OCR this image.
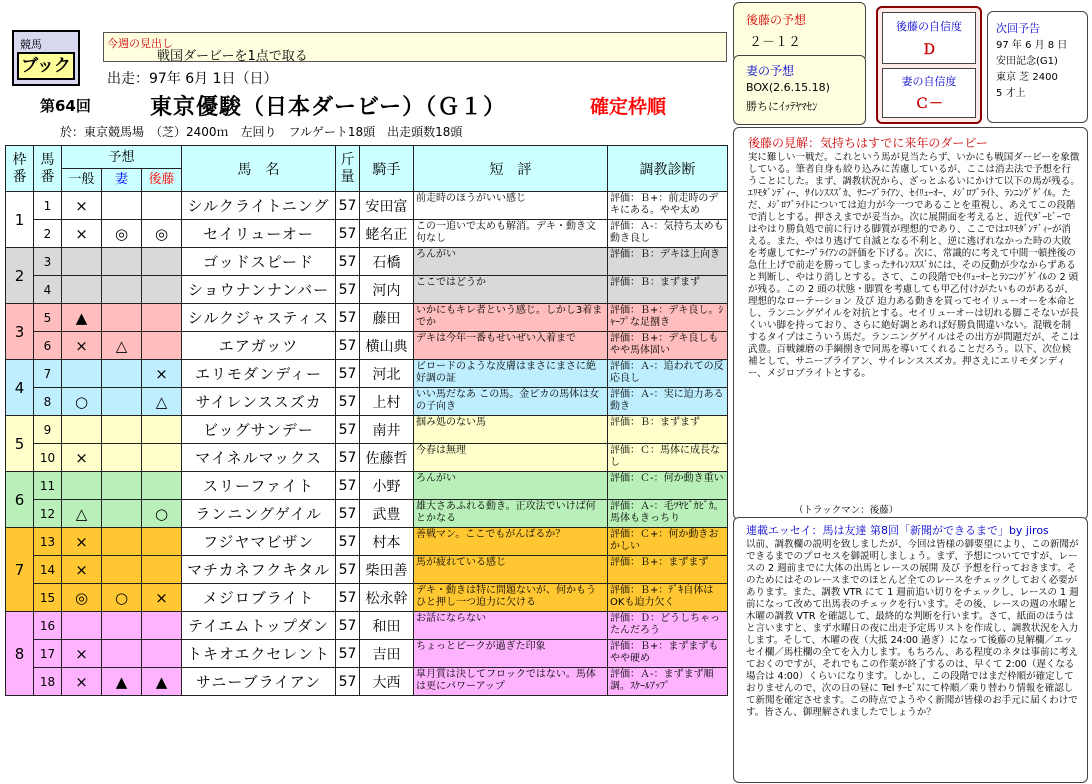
競馬
ブック
今週の見出し
戦国ダービーを1点で取る
出走：97年 6月 1日（日）
第64回	東京優駿（日本ダービー）（Ｇ１）	確定枠順
於：東京競馬場　（芝）2400ｍ　左回り　フルゲート18頭　出走頭数18頭
枠番	馬番	予想
一般 妻 後藤			馬　名	斤量	騎手	短　評	調教診断
1	1	×			シルクライトニング	57	安田富	前走時のほうがいい感じ	評価：Ｂ+：前走時のデキにある。やや太め
	2	×	◎	◎	セイリューオー	57	蛯名正	この一追いで太めも解消。デキ・動き文句なし	評価：Ａ-：気持ち太めも動き良し
2	3				ゴッドスピード	57	石橋	ろんがい	評価：Ｂ：デキは上向き
	4				ショウナンナンバー	57	河内	ここではどうか	評価：Ｂ：まずまず
3	5	▲			シルクジャスティス	57	藤田	いかにもキレ者という感じ。しかし3着までか	評価：Ｂ+：デキ良し。ｼｬｰﾌﾟな足捌き
	6	×	△		エアガッツ	57	横山典	デキは今年一番もせいぜい入着まで	評価：Ｂ+：デキ良しもやや馬体固い
4	7			×	エリモダンディー	57	河北	ビロードのような皮膚はまさにまさに絶好調の証	評価：Ａ-：追われての反応良し
	8	○		△	サイレンススズカ	57	上村	いい馬だなあ この馬。金ピカの馬体は女の子向き	評価：Ａ-：実に迫力ある動き
5	9				ビッグサンデー	57	南井	掴み処のない馬	評価：Ｂ：まずまず
	10	×			マイネルマックス	57	佐藤哲	今春は無理	評価：Ｃ：馬体に成長なし
6	11				スリーファイト	57	小野	ろんがい	評価：Ｃ-：何か動き重い
	12	△		○	ランニングゲイル	57	武豊	雄大さあふれる動き。正攻法でいけば何とかなる	評価：Ａ-：毛ﾂﾔﾋﾞｶﾋﾞｶ。馬体もきっちり
7	13	×			フジヤマビザン	57	村本	善戦マン。ここでもがんばるか？	評価：Ｃ+：何か動きおかしい
	14	×			マチカネフクキタル	57	柴田善	馬が疲れている感じ	評価：Ｂ+：まずまず
	15	◎	○	×	メジロブライト	57	松永幹	デキ・動きは特に問題ないが、何かもうひと押し一つ迫力に欠ける	評価：Ｂ+：ﾃﾞｷ自体はOKも迫力欠く
8	16				テイエムトップダン	57	和田	お話にならない	評価：Ｄ：どうしちゃったんだろう
	17	×			トキオエクセレント	57	吉田	ちょっとピークが過ぎた印象	評価：Ｂ+：まずまずもやや硬め
	18	×	▲	▲	サニーブライアン	57	大西	皐月賞は決してフロックではない。馬体は更にパワーアップ	評価：Ａ-：まずまず順調。ｽｹｰﾙｱｯﾌﾟ
後藤の予想
２－１２
妻の予想
BOX(2.6.15.18)
勝ちにｲｯﾃﾔﾏｾﾝ
後藤の自信度
Ｄ
妻の自信度
Ｃ－
次回予告
97 年 6 月 8 日
安田記念(G1)
東京 芝 2400
5 才上
後藤の見解：気持ちはすでに来年のダービー
実に難しい一戦だ。これという馬が見当たらず、いかにも戦国ダービーを象徴している。筆者自身も絞り込みに苦慮しているが、ここは消去法で予想を行うことにした。まず、調教状況から、ざっとふるいにかけて以下の馬が残る。ｴﾘﾓﾀﾞﾝﾃﾞｨｰ、ｻｲﾚﾝｽｽｽﾞｶ、ｻﾆｰﾌﾞﾗｲｱﾝ、ｾｲﾘｭｰｵｰ、ﾒｼﾞﾛﾌﾞﾗｲﾄ、ﾗﾝﾆﾝｸﾞｹﾞｲﾙ。ただ、ﾒｼﾞﾛﾌﾞﾗｲﾄについては迫力が今一つであることを重視し、あえてこの段階で消しとする。押さえまでが妥当か。次に展開面を考えると、近代ﾀﾞｰﾋﾞｰではやはり勝負処で前に行ける脚質が理想的であり、ここではｴﾘﾓﾀﾞﾝﾃﾞｨｰが消える。また、やはり逃げて自滅となる不利と、逆に逃げれなかった時の大敗を考慮してｻﾆｰﾌﾞﾗｲｱﾝの評価を下げる。次に、常識的に考えて中間一頓挫後の急仕上げで前走を勝ってしまったｻｲﾚﾝｽｽｽﾞｶには、その反動が少なからずあると判断し、やはり消しとする。さて、この段階でｾｲﾘｭｰｵｰとﾗﾝﾆﾝｸﾞｹﾞｲﾙの 2 頭が残る。この 2 頭の状態・脚質を考慮しても甲乙付けがたいものがあるが、理想的なローテーション 及び 迫力ある動きを買ってセイリューオーを本命とし、ランニングゲイルを対抗とする。セイリューオーは切れる脚こそないが長くいい脚を持っており、さらに絶好調とあれば好勝負間違いない。混戦を制するタイプはこういう馬だ。ランニングゲイルはその出方が問題だが、そこは武豊。百戦錬磨の手綱捌きで同馬を導いてくれることだろう。以下、次位候補として、サニーブライアン、サイレンススズカ。押さえにエリモダンディー、メジロブライトとする。
（トラックマン：後藤）
連載エッセイ：馬は友達 第8回「新聞ができるまで」by jiros
以前、調教欄の説明を致しましたが、今回は皆様の御要望により、この新聞ができるまでのプロセスを御説明しましょう。まず、予想についてですが、レースの 2 週前までに大体の出馬とレースの展開 及び 予想を行っておきます。そのためにはそのレースまでのほとんど全てのレースをチェックしておく必要があります。また、調教 VTR にて 1 週前追い切りをチェックし、レースの 1 週前になって改めて出馬表のチェックを行います。その後、レースの週の水曜と木曜の調教 VTR を確認して、最終的な判断を行います。さて、紙面のほうはと言いますと、まず水曜日の夜に出走予定馬リストを作成し、調教状況を入力します。そして、木曜の夜（大抵 24:00 過ぎ）になって後藤の見解欄／エッセイ欄／馬柱欄の全てを入力します。もちろん、ある程度のネタは事前に考えておくのですが、それでもこの作業が終了するのは、早くて 2:00（遅くなる場合は 4:00）くらいになります。しかし、この段階ではまだ枠順が確定しておりませんので、次の日の昼に Tel ｻｰﾋﾞｽにて枠順／乗り替わり情報を確認して新聞を確定させます。この時点でようやく新聞が皆様のお手元に届くわけです。皆さん、御理解されましたでしょうか？
